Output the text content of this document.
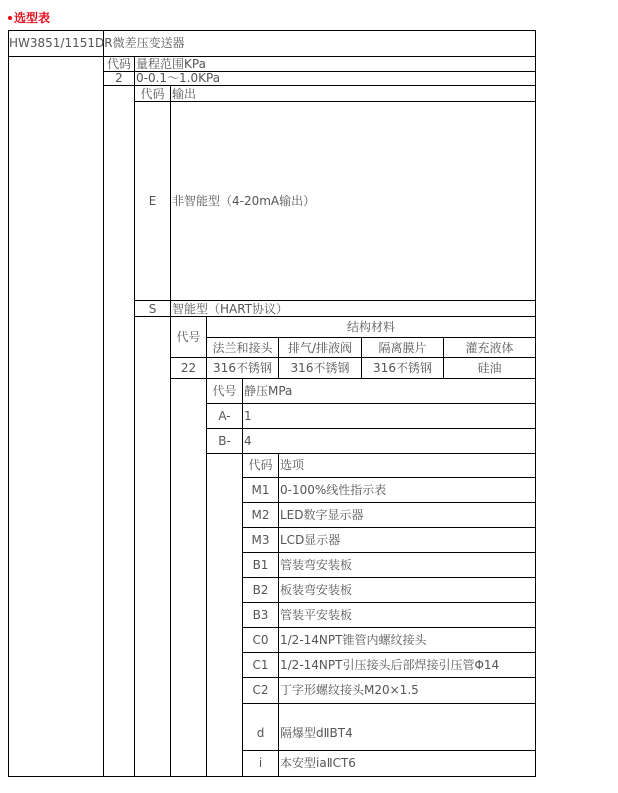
选型表
HW3851/1151DR微差压变送器
代码 量程范围KPa
2	0-0.1～1.0KPa
代码 输出
E	非智能型（4-20mA输出）
S	智能型（HART协议）
代号
结构材料
法兰和接头	排气/排液阀	隔离膜片	灌充液体
22	316不锈钢	316不锈钢	316不锈钢	硅油
代号 静压MPa
A-	1
B-	4
代码 选项
M1 0-100%线性指示表
M2 LED数字显示器
M3 LCD显示器
B1 管装弯安装板
B2 板装弯安装板
B3 管装平安装板
C0 1/2-14NPT锥管内螺纹接头
C1 1/2-14NPT引压接头后部焊接引压管Φ14
C2 丁字形螺纹接头M20×1.5
d	隔爆型dⅡBT4
i	本安型iaⅡCT6
